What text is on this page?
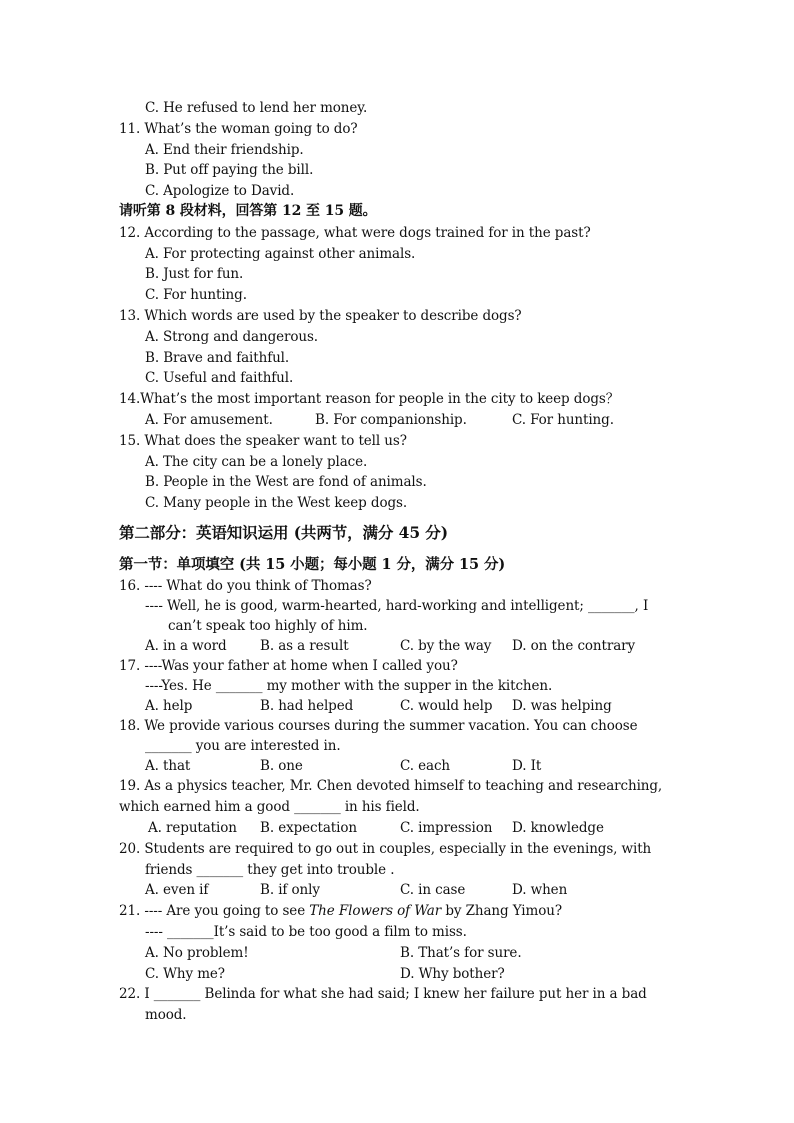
C. He refused to lend her money.
11. What’s the woman going to do?
A. End their friendship.
B. Put off paying the bill.
C. Apologize to David.
请听第 8 段材料，回答第 12 至 15 题。
12. According to the passage, what were dogs trained for in the past?
A. For protecting against other animals.
B. Just for fun.
C. For hunting.
13. Which words are used by the speaker to describe dogs?
A. Strong and dangerous.
B. Brave and faithful.
C. Useful and faithful.
14.What’s the most important reason for people in the city to keep dogs？
A. For amusement.	B. For companionship.	C. For hunting.
15. What does the speaker want to tell us?
A. The city can be a lonely place.
B. People in the West are fond of animals.
C. Many people in the West keep dogs.
第二部分：英语知识运用 (共两节，满分 45 分)
第一节：单项填空 (共 15 小题；每小题 1 分，满分 15 分)
16. ---- What do you think of Thomas?
---- Well, he is good, warm-hearted, hard-working and intelligent; _______, I
can’t speak too highly of him.
A. in a word B. as a result	C. by the way D. on the contrary
17. ----Was your father at home when I called you?
----Yes. He _______ my mother with the supper in the kitchen.
A. help	B. had helped	C. would help D. was helping
18. We provide various courses during the summer vacation. You can choose
_______ you are interested in.
A. that	B. one	C. each	D. It
19. As a physics teacher, Mr. Chen devoted himself to teaching and researching,
which earned him a good _______ in his field.
A. reputation B. expectation	C. impression D. knowledge
20. Students are required to go out in couples, especially in the evenings, with
friends _______ they get into trouble .
A. even if	B. if only	C. in case	D. when
21. ---- Are you going to see The Flowers of War by Zhang Yimou?
---- _______It’s said to be too good a film to miss.
A. No problem!	B. That’s for sure.
C. Why me?	D. Why bother?
22. I _______ Belinda for what she had said; I knew her failure put her in a bad
mood.
